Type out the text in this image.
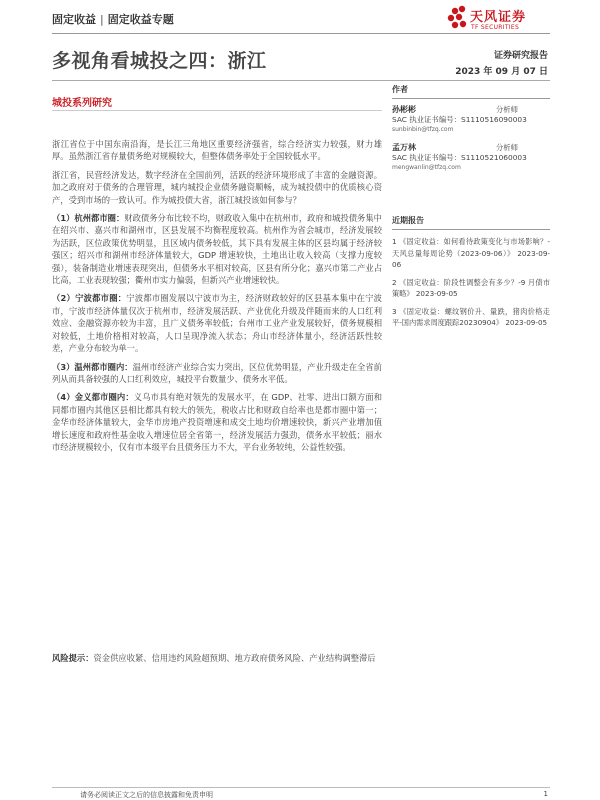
固定收益 | 固定收益专题	天风证券
TF SECURITIES
多视角看城投之四：浙江	证券研究报告
2023 年 09 月 07 日
城投系列研究

浙江省位于中国东南沿海，是长江三角地区重要经济强省，综合经济实力较强，财力雄厚。虽然浙江省存量债务绝对规模较大，但整体债务率处于全国较低水平。

浙江省，民营经济发达，数字经济在全国前列，活跃的经济环境形成了丰富的金融资源。加之政府对于债务的合理管理，城内城投企业债务融资顺畅，成为城投债中的优质核心资产，受到市场的一致认可。作为城投债大省，浙江城投该如何参与？

（1）杭州都市圈：财政债务分布比较不均，财政收入集中在杭州市，政府和城投债务集中在绍兴市、嘉兴市和湖州市，区县发展不均衡程度较高。杭州作为省会城市，经济发展较为活跃，区位政策优势明显，且区域内债务较低，其下具有发展主体的区县均属于经济较强区；绍兴市和湖州市经济体量较大，GDP 增速较快，土地出让收入较高（支撑力度较强），装备制造业增速表现突出，但债务水平相对较高，区县有所分化；嘉兴市第二产业占比高，工业表现较强；衢州市实力偏弱，但新兴产业增速较快。

（2）宁波都市圈：宁波都市圈发展以宁波市为主，经济财政较好的区县基本集中在宁波市，宁波市经济体量仅次于杭州市，经济发展活跃、产业优化升级及伴随而来的人口红利效应、金融资源亦较为丰富，且广义债务率较低；台州市工业产业发展较好，债务规模相对较低，土地价格相对较高，人口呈现净流入状态；舟山市经济体量小，经济活跃性较差，产业分布较为单一。

（3）温州都市圈内：温州市经济产业综合实力突出，区位优势明显，产业升级走在全省前列从而具备较强的人口红利效应，城投平台数量少、债务水平低。

（4）金义都市圈内：义乌市具有绝对领先的发展水平，在 GDP、社零、进出口额方面和同都市圈内其他区县相比都具有较大的领先，税收占比和财政自给率也是都市圈中第一；金华市经济体量较大，金华市房地产投资增速和成交土地均价增速较快，新兴产业增加值增长速度和政府性基金收入增速位居全省第一，经济发展活力强劲，债务水平较低；丽水市经济规模较小，仅有市本级平台且债务压力不大，平台业务较纯，公益性较强。

风险提示：资金供应收紧、信用违约风险超预期、地方政府债务风险、产业结构调整滞后
作者
孙彬彬	分析师
SAC 执业证书编号：S1110516090003
sunbinbin@tfzq.com
孟万林	分析师
SAC 执业证书编号：S1110521060003
mengwanlin@tfzq.com
近期报告
1 《固定收益：如何看待政策变化与市场影响？-天风总量每周论势（2023-09-06）》 2023-09-06
2 《固定收益：阶段性调整会有多少？-9 月债市策略》 2023-09-05
3 《固定收益：螺纹钢价升、量跌，猪肉价格走平-国内需求周度跟踪20230904》 2023-09-05
请务必阅读正文之后的信息披露和免责申明	1
